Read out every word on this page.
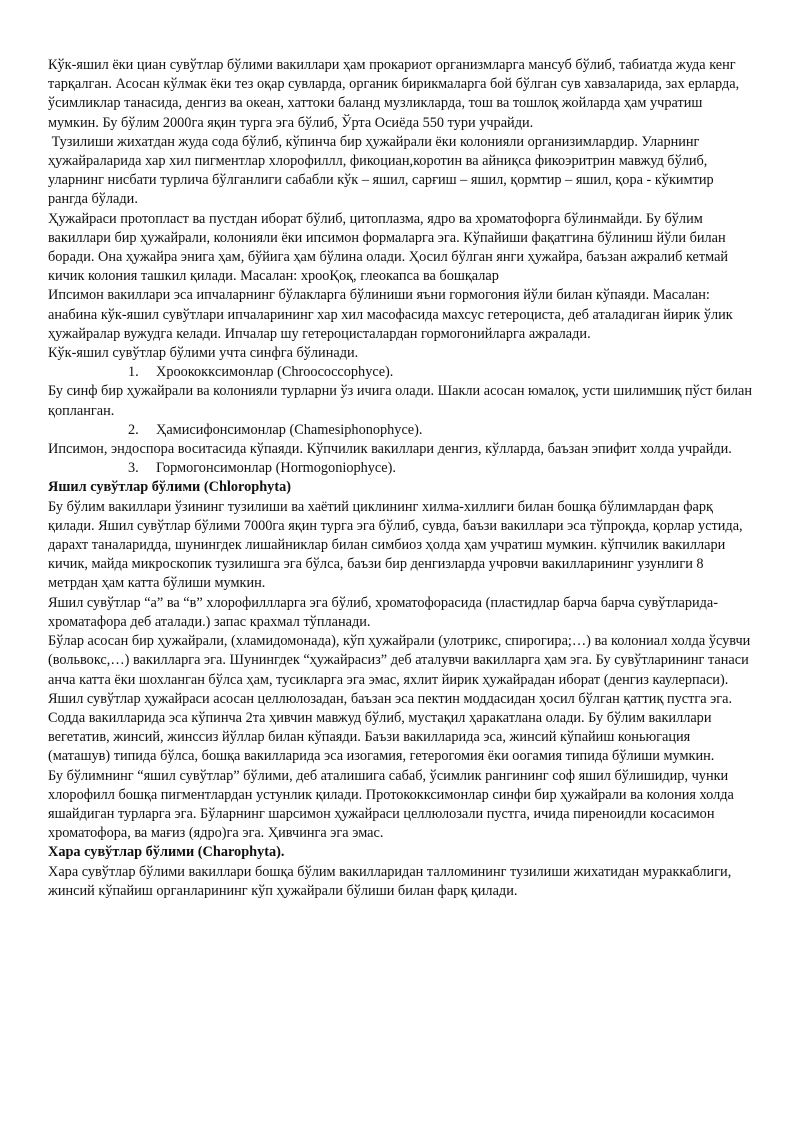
Кўк-яшил ёки циан сувўтлар бўлими вакиллари ҳам прокариот организмларга мансуб бўлиб, табиатда жуда кенг тарқалган. Асосан кўлмак ёки тез оқар сувларда, органик бирикмаларга бой бўлган сув хавзаларида, зах ерларда, ўсимликлар танасида, денгиз ва океан, хаттоки баланд музликларда, тош ва тошлоқ жойларда ҳам учратиш мумкин. Бу бўлим 2000га яқин турга эга бўлиб, Ўрта Осиёда 550 тури учрайди.

Тузилиши жихатдан жуда сода бўлиб, кўпинча бир ҳужайрали ёки колонияли организимлардир. Уларнинг ҳужайраларида хар хил пигментлар хлорофиллл, фикоциан,коротин ва айниқса фикоэритрин мавжуд бўлиб, уларнинг нисбати турлича бўлганлиги сабабли кўк – яшил, сарғиш – яшил, қормтир – яшил, қора - кўкимтир рангда бўлади.

Ҳужайраси протопласт ва пустдан иборат бўлиб, цитоплазма, ядро ва хроматофорга бўлинмайди. Бу бўлим вакиллари бир ҳужайрали, колонияли ёки ипсимон формаларга эга. Кўпайиши фақатгина бўлиниш йўли билан боради. Она ҳужайра энига ҳам, бўйига ҳам бўлина олади. Ҳосил бўлган янги ҳужайра, баъзан ажралиб кетмай кичик колония ташкил қилади. Масалан: хрооҚоқ, глеокапса ва бошқалар

Ипсимон вакиллари эса ипчаларнинг бўлакларга бўлиниши яъни гормогония йўли билан кўпаяди. Масалан: анабина кўк-яшил сувўтлари ипчаларининг хар хил масофасида махсус гетероциста, деб аталадиган йирик ўлик ҳужайралар вужудга келади. Ипчалар шу гетероцисталардан гормогонийларга ажралади.

Кўк-яшил сувўтлар бўлими учта синфга бўлинади.

1. Хроококкcимонлар (Chroococcophyce).

Бу синф бир ҳужайрали ва колонияли турларни ўз ичига олади. Шакли асосан юмалоқ, усти шилимшиқ пўст билан қопланган.

2. Ҳамисифонсимонлар (Chamesiphonophyce).

Ипсимон, эндоспора воситасида кўпаяди. Кўпчилик вакиллари денгиз, кўлларда, баъзан эпифит холда учрайди.

3. Гормогонсимонлар (Hormogoniophyce).
Яшил сувўтлар бўлими (Chlorophyta)

Бу бўлим вакиллари ўзининг тузилиши ва хаётий циклининг хилма-хиллиги билан бошқа бўлимлардан фарқ қилади. Яшил сувўтлар бўлими 7000га яқин турга эга бўлиб, сувда, баъзи вакиллари эса тўпроқда, қорлар устида, дарахт таналаридда, шунингдек лишайниклар билан симбиоз ҳолда ҳам учратиш мумкин. кўпчилик вакиллари кичик, майда микроскопик тузилишга эга бўлса, баъзи бир денгизларда учровчи вакилларининг узунлиги 8 метрдан ҳам катта бўлиши мумкин.

Яшил сувўтлар “а” ва “в” хлорофиллларга эга бўлиб, хроматофорасида (пластидлар барча барча сувўтларида-хроматафора деб аталади.) запас крахмал тўпланади.

Бўлар асосан бир ҳужайрали, (хламидомонада), кўп ҳужайрали (улотрикс, спирогира;…) ва колониал холда ўсувчи (вольвокс,…) вакилларга эга. Шунингдек “ҳужайрасиз” деб аталувчи вакилларга ҳам эга. Бу сувўтларининг танаси анча катта ёки шохланган бўлса ҳам, тусикларга эга эмас, яхлит йирик ҳужайрадан иборат (денгиз каулерпаси).

Яшил сувўтлар ҳужайраси асосан целлюлозадан, баъзан эса пектин моддасидан ҳосил бўлган қаттиқ пустга эга. Содда вакилларида эса кўпинча 2та ҳивчин мавжуд бўлиб, мустақил ҳаракатлана олади. Бу бўлим вакиллари вегетатив, жинсий, жинссиз йўллар билан кўпаяди. Баъзи вакилларида эса, жинсий кўпайиш коньюгация (маташув) типида бўлса, бошқа вакилларида эса изогамия, гетерогомия ёки оогамия типида бўлиши мумкин.

Бу бўлимнинг “яшил сувўтлар” бўлими, деб аталишига сабаб, ўсимлик рангининг соф яшил бўлишидир, чунки хлорофилл бошқа пигментлардан устунлик қилади. Протококксимонлар синфи бир ҳужайрали ва колония холда яшайдиган турларга эга. Бўларнинг шарсимон ҳужайраси целлюлозали пустга, ичида пиреноидли косасимон хроматофора, ва мағиз (ядро)га эга. Ҳивчинга эга эмас.

Хара сувўтлар бўлими (Charophyta).

Хара сувўтлар бўлими вакиллари бошқа бўлим вакилларидан талломининг тузилиши жихатидан мураккаблиги, жинсий кўпайиш органларининг кўп ҳужайрали бўлиши билан фарқ қилади.
